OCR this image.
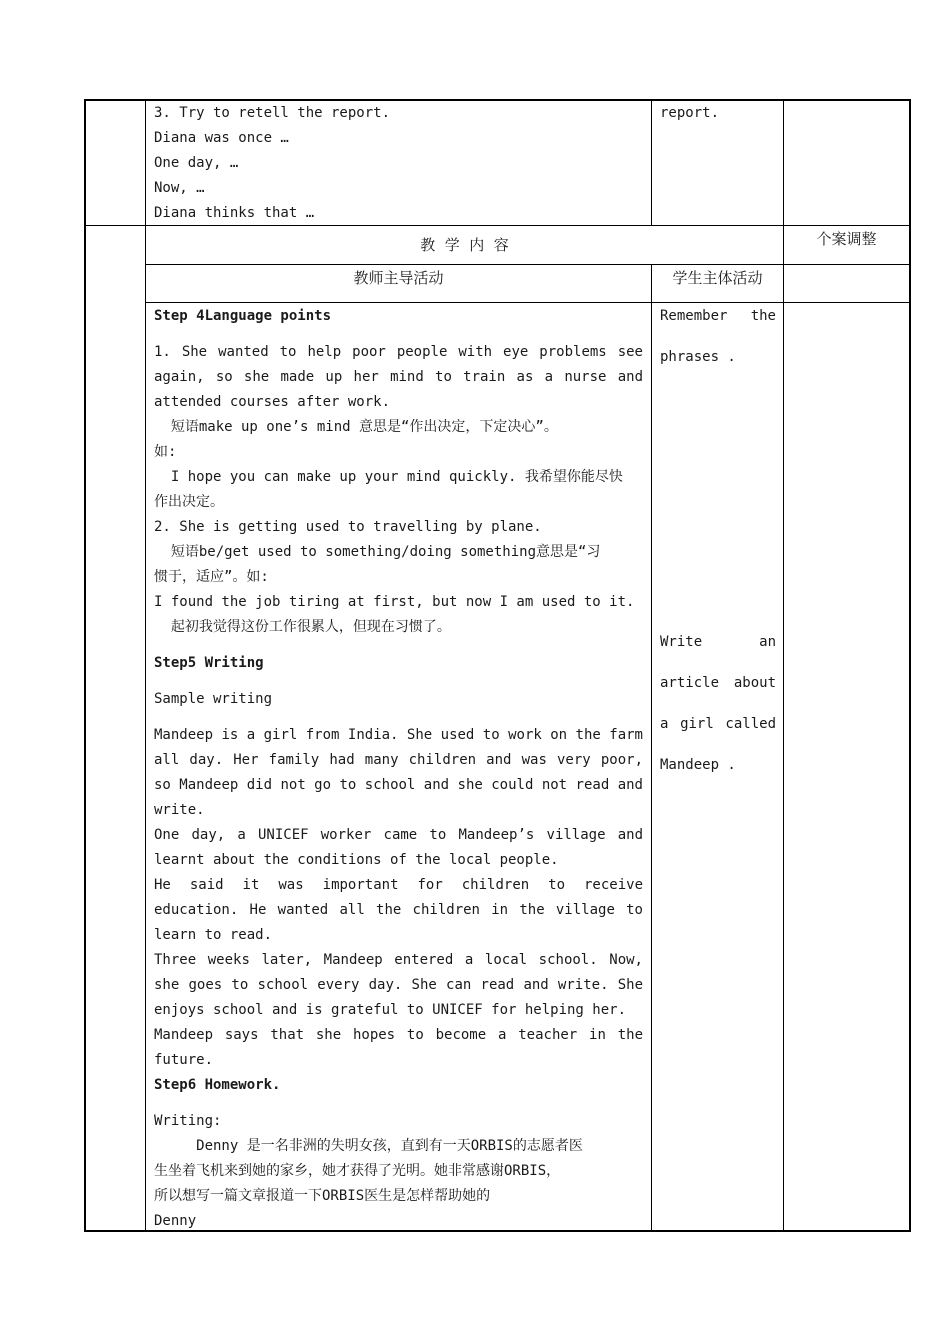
3. Try to retell the report.
Diana was once …
One day, …
Now, …
Diana thinks that …
report.
教  学  内  容	个案调整
教师主导活动	学生主体活动
Step 4Language points
1. She wanted to help poor people with eye problems see
again, so she made up her mind to train as a nurse and
attended courses after work.
短语make up one’s mind 意思是“作出决定，下定决心”。
如:
I hope you can make up your mind quickly. 我希望你能尽快
作出决定。
2. She is getting used to travelling by plane.
短语be/get used to something/doing something意思是“习
惯于，适应”。如:
I found the job tiring at first, but now I am used to it.
起初我觉得这份工作很累人，但现在习惯了。
Step5 Writing
Sample writing
Mandeep is a girl from India. She used to work on the farm
all day. Her family had many children and was very poor,
so Mandeep did not go to school and she could not read and
write.
One day, a UNICEF worker came to Mandeep’s village and
learnt about the conditions of the local people.
He said it was important for children to receive
education. He wanted all the children in the village to
learn to read.
Three weeks later, Mandeep entered a local school. Now,
she goes to school every day. She can read and write. She
enjoys school and is grateful to UNICEF for helping her.
Mandeep says that she hopes to become a teacher in the
future.
Step6 Homework.
Writing:
Denny 是一名非洲的失明女孩，直到有一天ORBIS的志愿者医
生坐着飞机来到她的家乡，她才获得了光明。她非常感谢ORBIS，
所以想写一篇文章报道一下ORBIS医生是怎样帮助她的
Denny
Remember the
phrases .
Write an
article about
a girl called
Mandeep .
